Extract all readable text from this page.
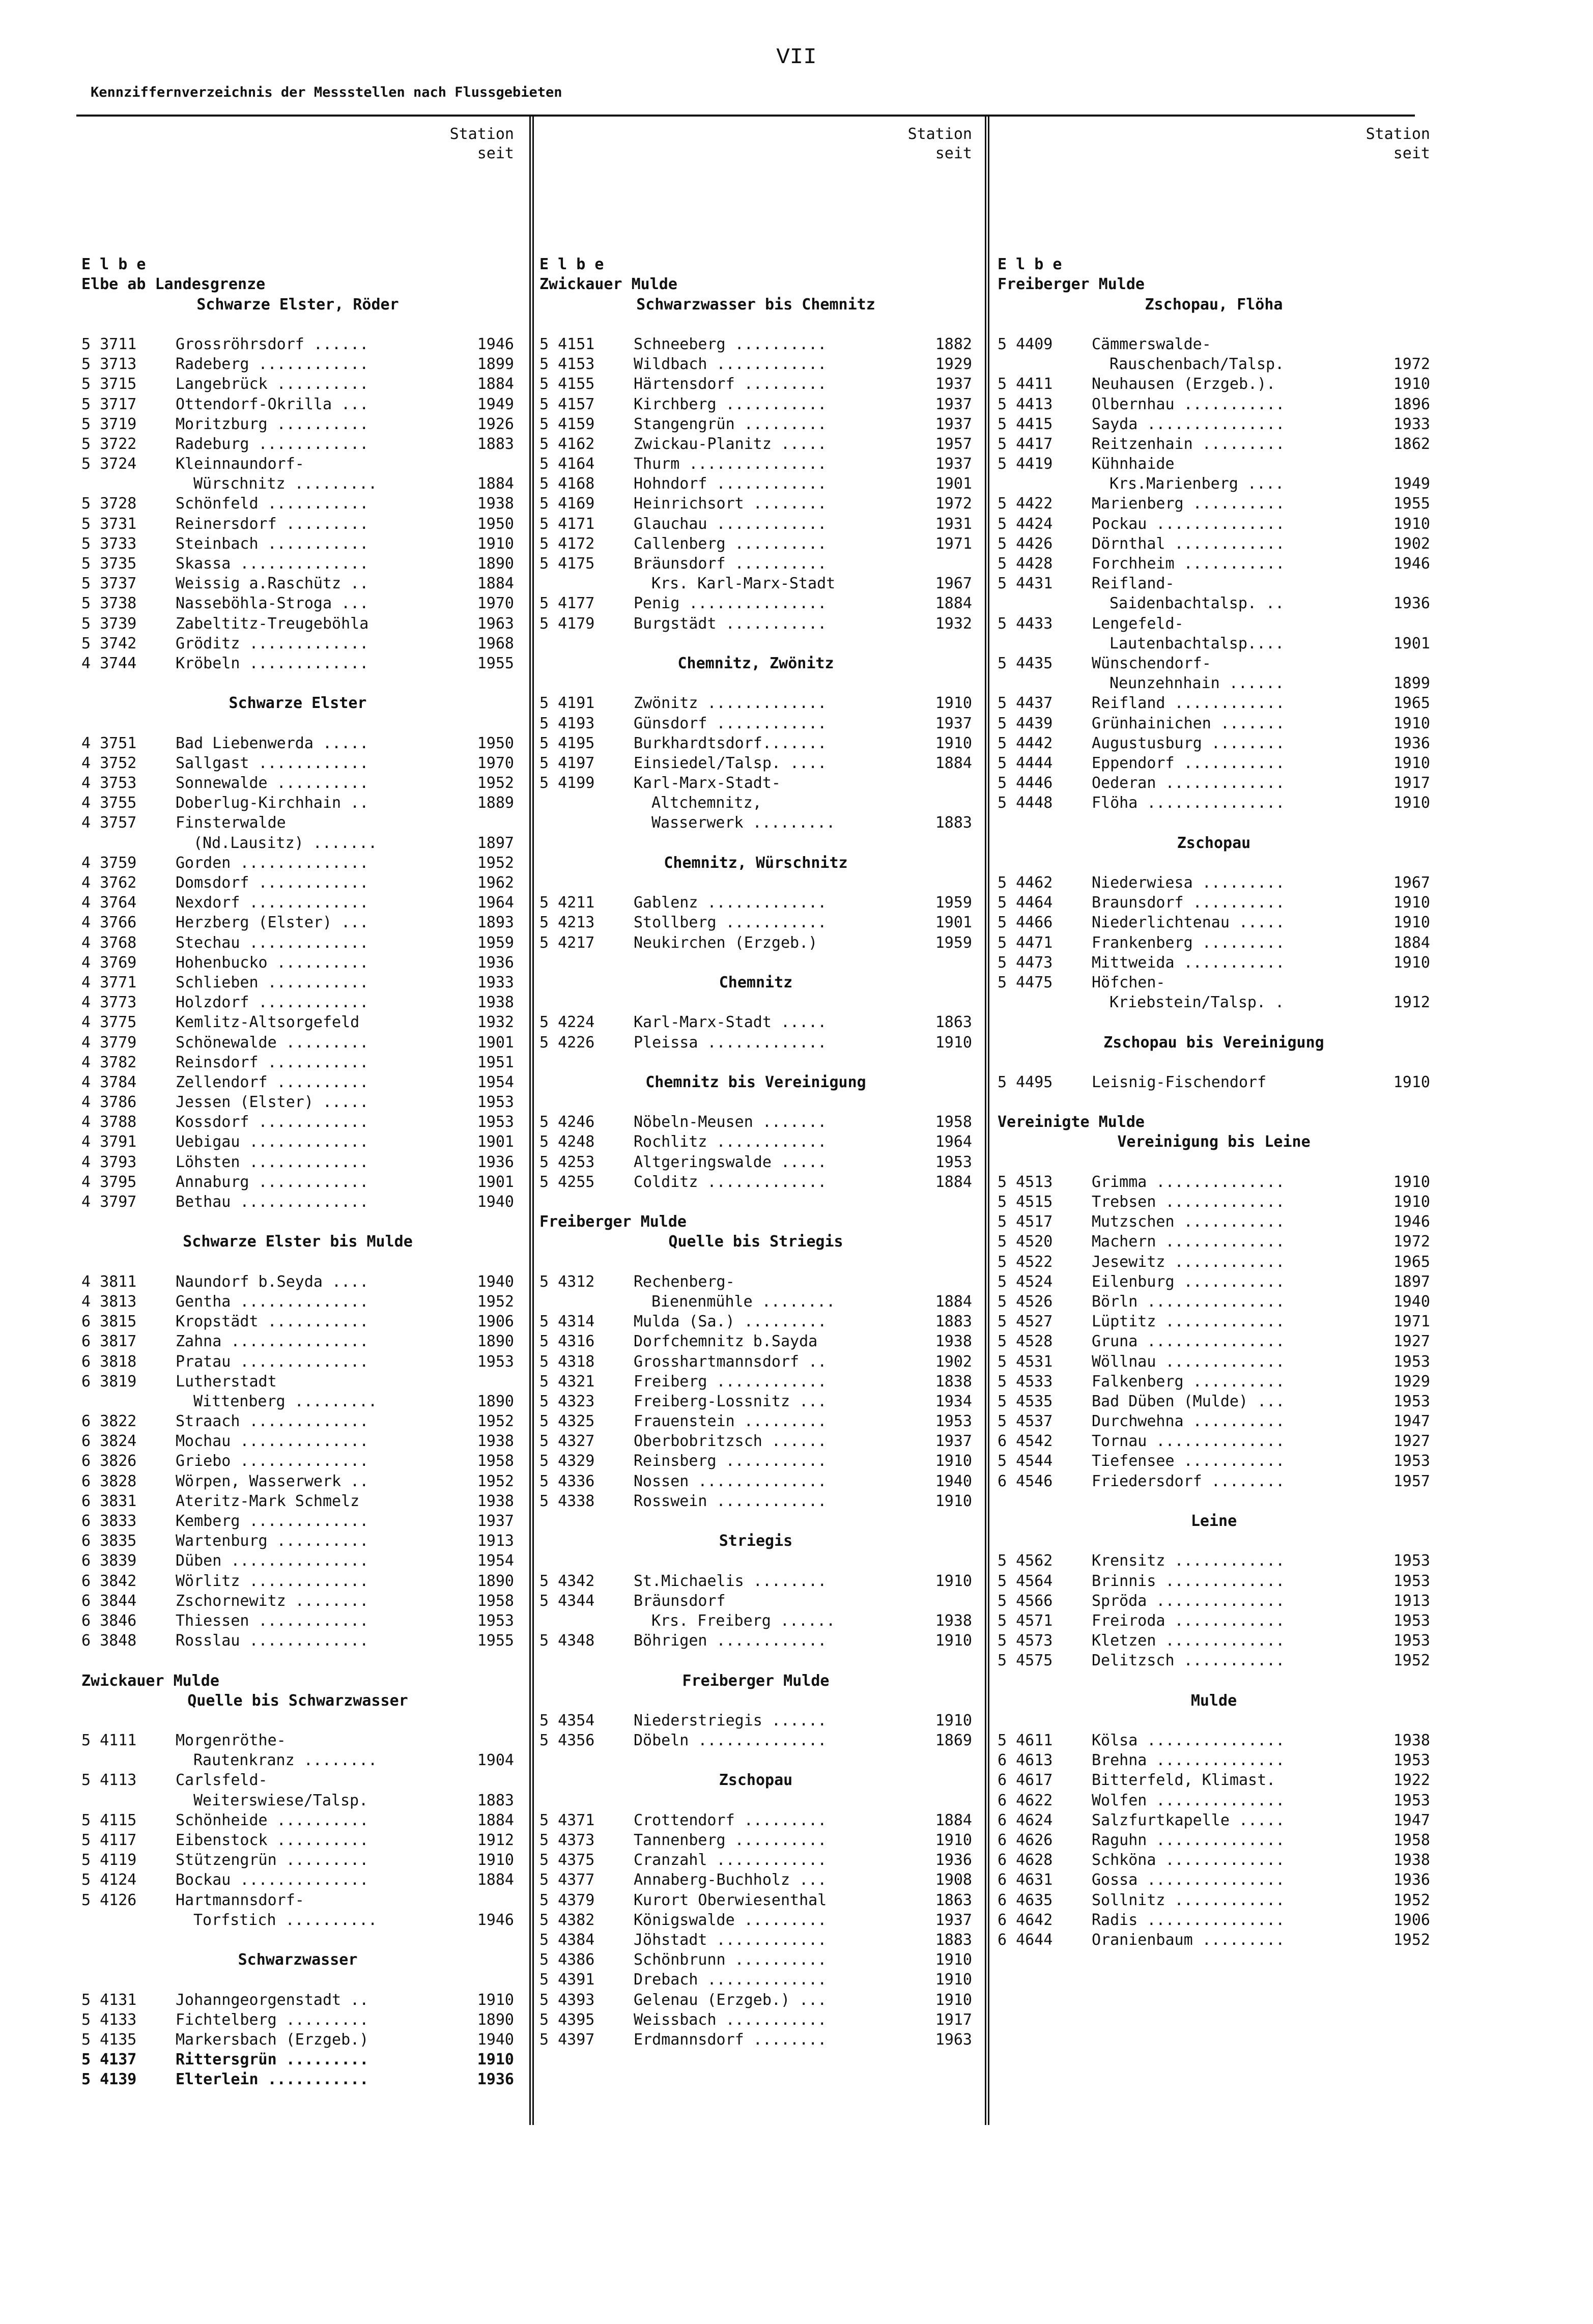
VII
Kennziffernverzeichnis der Messstellen nach Flussgebieten
Station
seit
E l b e
Elbe ab Landesgrenze
Schwarze Elster, Röder
5 3711	Grossröhrsdorf ......	1946
5 3713	Radeberg ............	1899
5 3715	Langebrück ..........	1884
5 3717	Ottendorf-Okrilla ...	1949
5 3719	Moritzburg ..........	1926
5 3722	Radeburg ............	1883
5 3724	Kleinnaundorf-
Würschnitz .........	1884
5 3728	Schönfeld ...........	1938
5 3731	Reinersdorf .........	1950
5 3733	Steinbach ...........	1910
5 3735	Skassa ..............	1890
5 3737	Weissig a.Raschütz ..	1884
5 3738	Nasseböhla-Stroga ...	1970
5 3739	Zabeltitz-Treugeböhla	1963
5 3742	Gröditz .............	1968
4 3744	Kröbeln .............	1955
Schwarze Elster
4 3751	Bad Liebenwerda .....	1950
4 3752	Sallgast ............	1970
4 3753	Sonnewalde ..........	1952
4 3755	Doberlug-Kirchhain ..	1889
4 3757	Finsterwalde
(Nd.Lausitz) .......	1897
4 3759	Gorden ..............	1952
4 3762	Domsdorf ............	1962
4 3764	Nexdorf .............	1964
4 3766	Herzberg (Elster) ...	1893
4 3768	Stechau .............	1959
4 3769	Hohenbucko ..........	1936
4 3771	Schlieben ...........	1933
4 3773	Holzdorf ............	1938
4 3775	Kemlitz-Altsorgefeld	1932
4 3779	Schönewalde .........	1901
4 3782	Reinsdorf ...........	1951
4 3784	Zellendorf ..........	1954
4 3786	Jessen (Elster) .....	1953
4 3788	Kossdorf ............	1953
4 3791	Uebigau .............	1901
4 3793	Löhsten .............	1936
4 3795	Annaburg ............	1901
4 3797	Bethau ..............	1940
Schwarze Elster bis Mulde
4 3811	Naundorf b.Seyda ....	1940
4 3813	Gentha ..............	1952
6 3815	Kropstädt ...........	1906
6 3817	Zahna ...............	1890
6 3818	Pratau ..............	1953
6 3819	Lutherstadt
Wittenberg .........	1890
6 3822	Straach .............	1952
6 3824	Mochau ..............	1938
6 3826	Griebo ..............	1958
6 3828	Wörpen, Wasserwerk ..	1952
6 3831	Ateritz-Mark Schmelz	1938
6 3833	Kemberg .............	1937
6 3835	Wartenburg ..........	1913
6 3839	Düben ...............	1954
6 3842	Wörlitz .............	1890
6 3844	Zschornewitz ........	1958
6 3846	Thiessen ............	1953
6 3848	Rosslau .............	1955
Zwickauer Mulde
Quelle bis Schwarzwasser
5 4111	Morgenröthe-
Rautenkranz ........	1904
5 4113	Carlsfeld-
Weiterswiese/Talsp.	1883
5 4115	Schönheide ..........	1884
5 4117	Eibenstock ..........	1912
5 4119	Stützengrün .........	1910
5 4124	Bockau ..............	1884
5 4126	Hartmannsdorf-
Torfstich ..........	1946
Schwarzwasser
5 4131	Johanngeorgenstadt ..	1910
5 4133	Fichtelberg .........	1890
5 4135	Markersbach (Erzgeb.)	1940
5 4137	Rittersgrün .........	1910
5 4139	Elterlein ...........	1936
Station
seit
E l b e
Zwickauer Mulde
Schwarzwasser bis Chemnitz
5 4151	Schneeberg ..........	1882
5 4153	Wildbach ............	1929
5 4155	Härtensdorf .........	1937
5 4157	Kirchberg ...........	1937
5 4159	Stangengrün .........	1937
5 4162	Zwickau-Planitz .....	1957
5 4164	Thurm ...............	1937
5 4168	Hohndorf ............	1901
5 4169	Heinrichsort ........	1972
5 4171	Glauchau ............	1931
5 4172	Callenberg ..........	1971
5 4175	Bräunsdorf ..........
Krs. Karl-Marx-Stadt	1967
5 4177	Penig ...............	1884
5 4179	Burgstädt ...........	1932
Chemnitz, Zwönitz
5 4191	Zwönitz .............	1910
5 4193	Günsdorf ............	1937
5 4195	Burkhardtsdorf.......	1910
5 4197	Einsiedel/Talsp. ....	1884
5 4199	Karl-Marx-Stadt-
Altchemnitz,
Wasserwerk .........	1883
Chemnitz, Würschnitz
5 4211	Gablenz .............	1959
5 4213	Stollberg ...........	1901
5 4217	Neukirchen (Erzgeb.)	1959
Chemnitz
5 4224	Karl-Marx-Stadt .....	1863
5 4226	Pleissa .............	1910
Chemnitz bis Vereinigung
5 4246	Nöbeln-Meusen .......	1958
5 4248	Rochlitz ............	1964
5 4253	Altgeringswalde .....	1953
5 4255	Colditz .............	1884
Freiberger Mulde
Quelle bis Striegis
5 4312	Rechenberg-
Bienenmühle ........	1884
5 4314	Mulda (Sa.) .........	1883
5 4316	Dorfchemnitz b.Sayda	1938
5 4318	Grosshartmannsdorf ..	1902
5 4321	Freiberg ............	1838
5 4323	Freiberg-Lossnitz ...	1934
5 4325	Frauenstein .........	1953
5 4327	Oberbobritzsch ......	1937
5 4329	Reinsberg ...........	1910
5 4336	Nossen ..............	1940
5 4338	Rosswein ............	1910
Striegis
5 4342	St.Michaelis ........	1910
5 4344	Bräunsdorf
Krs. Freiberg ......	1938
5 4348	Böhrigen ............	1910
Freiberger Mulde
5 4354	Niederstriegis ......	1910
5 4356	Döbeln ..............	1869
Zschopau
5 4371	Crottendorf .........	1884
5 4373	Tannenberg ..........	1910
5 4375	Cranzahl ............	1936
5 4377	Annaberg-Buchholz ...	1908
5 4379	Kurort Oberwiesenthal	1863
5 4382	Königswalde .........	1937
5 4384	Jöhstadt ............	1883
5 4386	Schönbrunn ..........	1910
5 4391	Drebach .............	1910
5 4393	Gelenau (Erzgeb.) ...	1910
5 4395	Weissbach ...........	1917
5 4397	Erdmannsdorf ........	1963
Station
seit
E l b e
Freiberger Mulde
Zschopau, Flöha
5 4409	Cämmerswalde-
Rauschenbach/Talsp.	1972
5 4411	Neuhausen (Erzgeb.).	1910
5 4413	Olbernhau ...........	1896
5 4415	Sayda ...............	1933
5 4417	Reitzenhain .........	1862
5 4419	Kühnhaide
Krs.Marienberg ....	1949
5 4422	Marienberg ..........	1955
5 4424	Pockau ..............	1910
5 4426	Dörnthal ............	1902
5 4428	Forchheim ...........	1946
5 4431	Reifland-
Saidenbachtalsp. ..	1936
5 4433	Lengefeld-
Lautenbachtalsp....	1901
5 4435	Wünschendorf-
Neunzehnhain ......	1899
5 4437	Reifland ............	1965
5 4439	Grünhainichen .......	1910
5 4442	Augustusburg ........	1936
5 4444	Eppendorf ...........	1910
5 4446	Oederan .............	1917
5 4448	Flöha ...............	1910
Zschopau
5 4462	Niederwiesa .........	1967
5 4464	Braunsdorf ..........	1910
5 4466	Niederlichtenau .....	1910
5 4471	Frankenberg .........	1884
5 4473	Mittweida ...........	1910
5 4475	Höfchen-
Kriebstein/Talsp. .	1912
Zschopau bis Vereinigung
5 4495	Leisnig-Fischendorf	1910
Vereinigte Mulde
Vereinigung bis Leine
5 4513	Grimma ..............	1910
5 4515	Trebsen .............	1910
5 4517	Mutzschen ...........	1946
5 4520	Machern .............	1972
5 4522	Jesewitz ............	1965
5 4524	Eilenburg ...........	1897
5 4526	Börln ...............	1940
5 4527	Lüptitz .............	1971
5 4528	Gruna ...............	1927
5 4531	Wöllnau .............	1953
5 4533	Falkenberg ..........	1929
5 4535	Bad Düben (Mulde) ...	1953
5 4537	Durchwehna ..........	1947
6 4542	Tornau ..............	1927
5 4544	Tiefensee ...........	1953
6 4546	Friedersdorf ........	1957
Leine
5 4562	Krensitz ............	1953
5 4564	Brinnis .............	1953
5 4566	Spröda ..............	1913
5 4571	Freiroda ............	1953
5 4573	Kletzen .............	1953
5 4575	Delitzsch ...........	1952
Mulde
5 4611	Kölsa ...............	1938
6 4613	Brehna ..............	1953
6 4617	Bitterfeld, Klimast.	1922
6 4622	Wolfen ..............	1953
6 4624	Salzfurtkapelle .....	1947
6 4626	Raguhn ..............	1958
6 4628	Schköna .............	1938
6 4631	Gossa ...............	1936
6 4635	Sollnitz ............	1952
6 4642	Radis ...............	1906
6 4644	Oranienbaum .........	1952
